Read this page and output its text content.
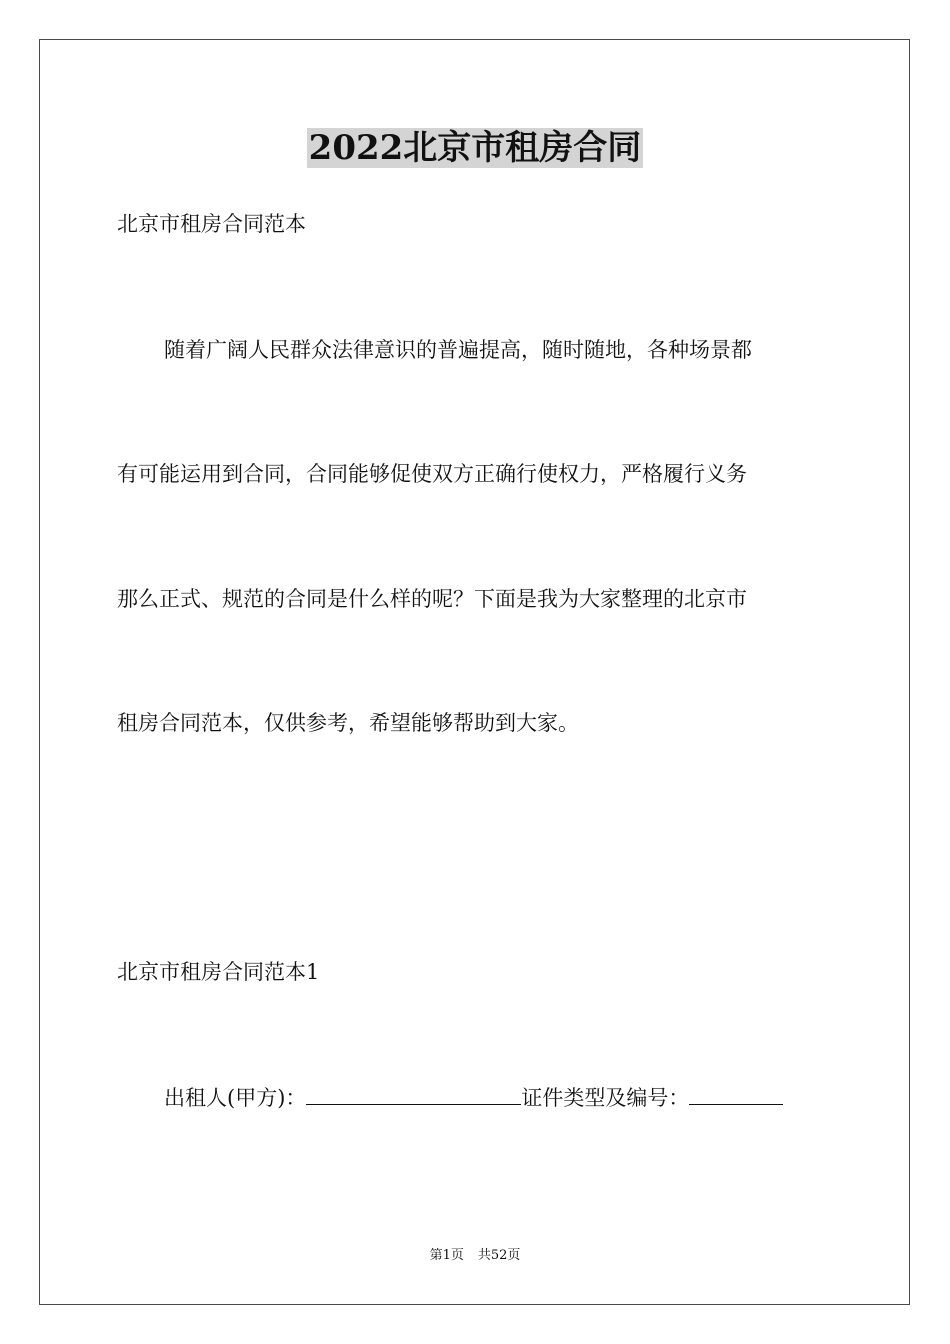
2022北京市租房合同
北京市租房合同范本
随着广阔人民群众法律意识的普遍提高，随时随地，各种场景都
有可能运用到合同，合同能够促使双方正确行使权力，严格履行义务
那么正式、规范的合同是什么样的呢？下面是我为大家整理的北京市
租房合同范本，仅供参考，希望能够帮助到大家。
北京市租房合同范本1
出租人(甲方)：	证件类型及编号：
第1页 共52页
